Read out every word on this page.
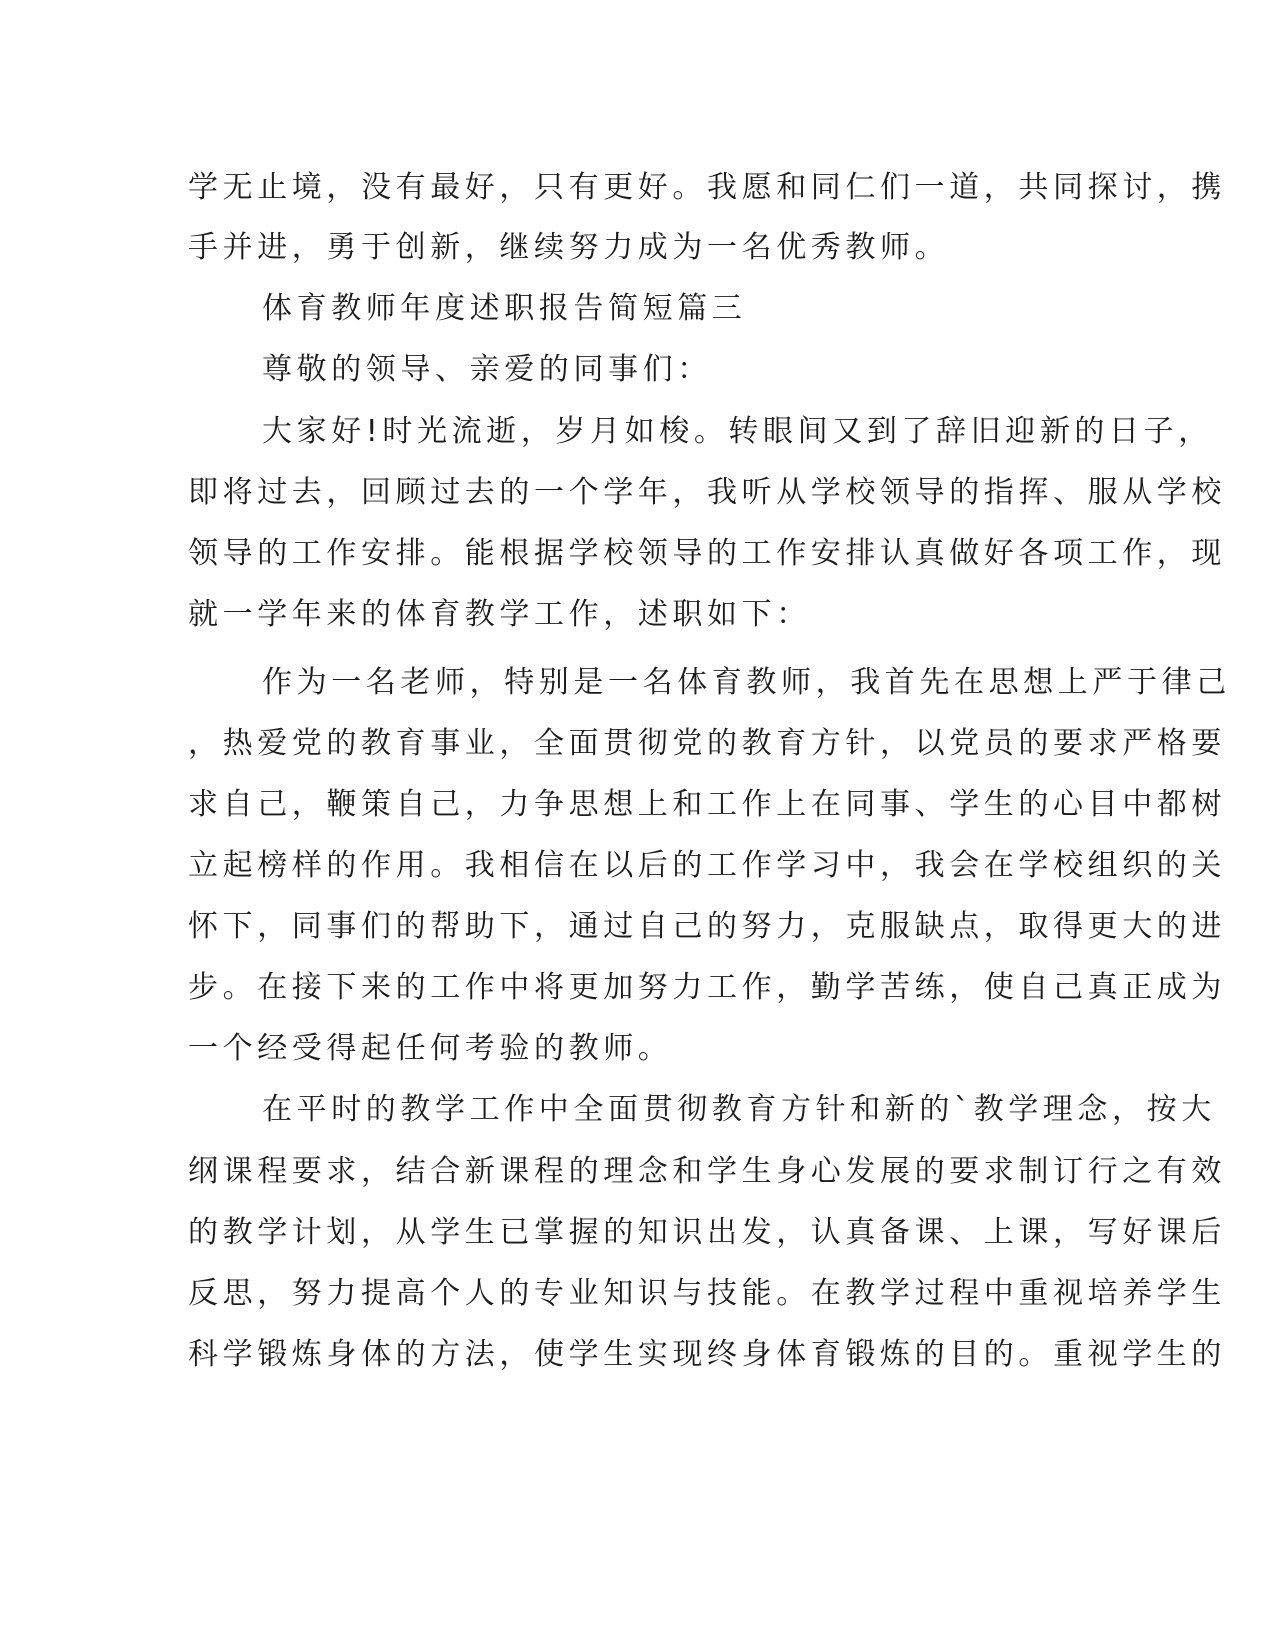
学无止境，没有最好，只有更好。我愿和同仁们一道，共同探讨，携

手并进，勇于创新，继续努力成为一名优秀教师。

体育教师年度述职报告简短篇三

尊敬的领导、亲爱的同事们：

大家好!时光流逝，岁月如梭。转眼间又到了辞旧迎新的日子，

即将过去，回顾过去的一个学年，我听从学校领导的指挥、服从学校

领导的工作安排。能根据学校领导的工作安排认真做好各项工作，现

就一学年来的体育教学工作，述职如下：

作为一名老师，特别是一名体育教师，我首先在思想上严于律己

，热爱党的教育事业，全面贯彻党的教育方针，以党员的要求严格要

求自己，鞭策自己，力争思想上和工作上在同事、学生的心目中都树

立起榜样的作用。我相信在以后的工作学习中，我会在学校组织的关

怀下，同事们的帮助下，通过自己的努力，克服缺点，取得更大的进

步。在接下来的工作中将更加努力工作，勤学苦练，使自己真正成为

一个经受得起任何考验的教师。

在平时的教学工作中全面贯彻教育方针和新的`教学理念，按大

纲课程要求，结合新课程的理念和学生身心发展的要求制订行之有效

的教学计划，从学生已掌握的知识出发，认真备课、上课，写好课后

反思，努力提高个人的专业知识与技能。在教学过程中重视培养学生

科学锻炼身体的方法，使学生实现终身体育锻炼的目的。重视学生的
